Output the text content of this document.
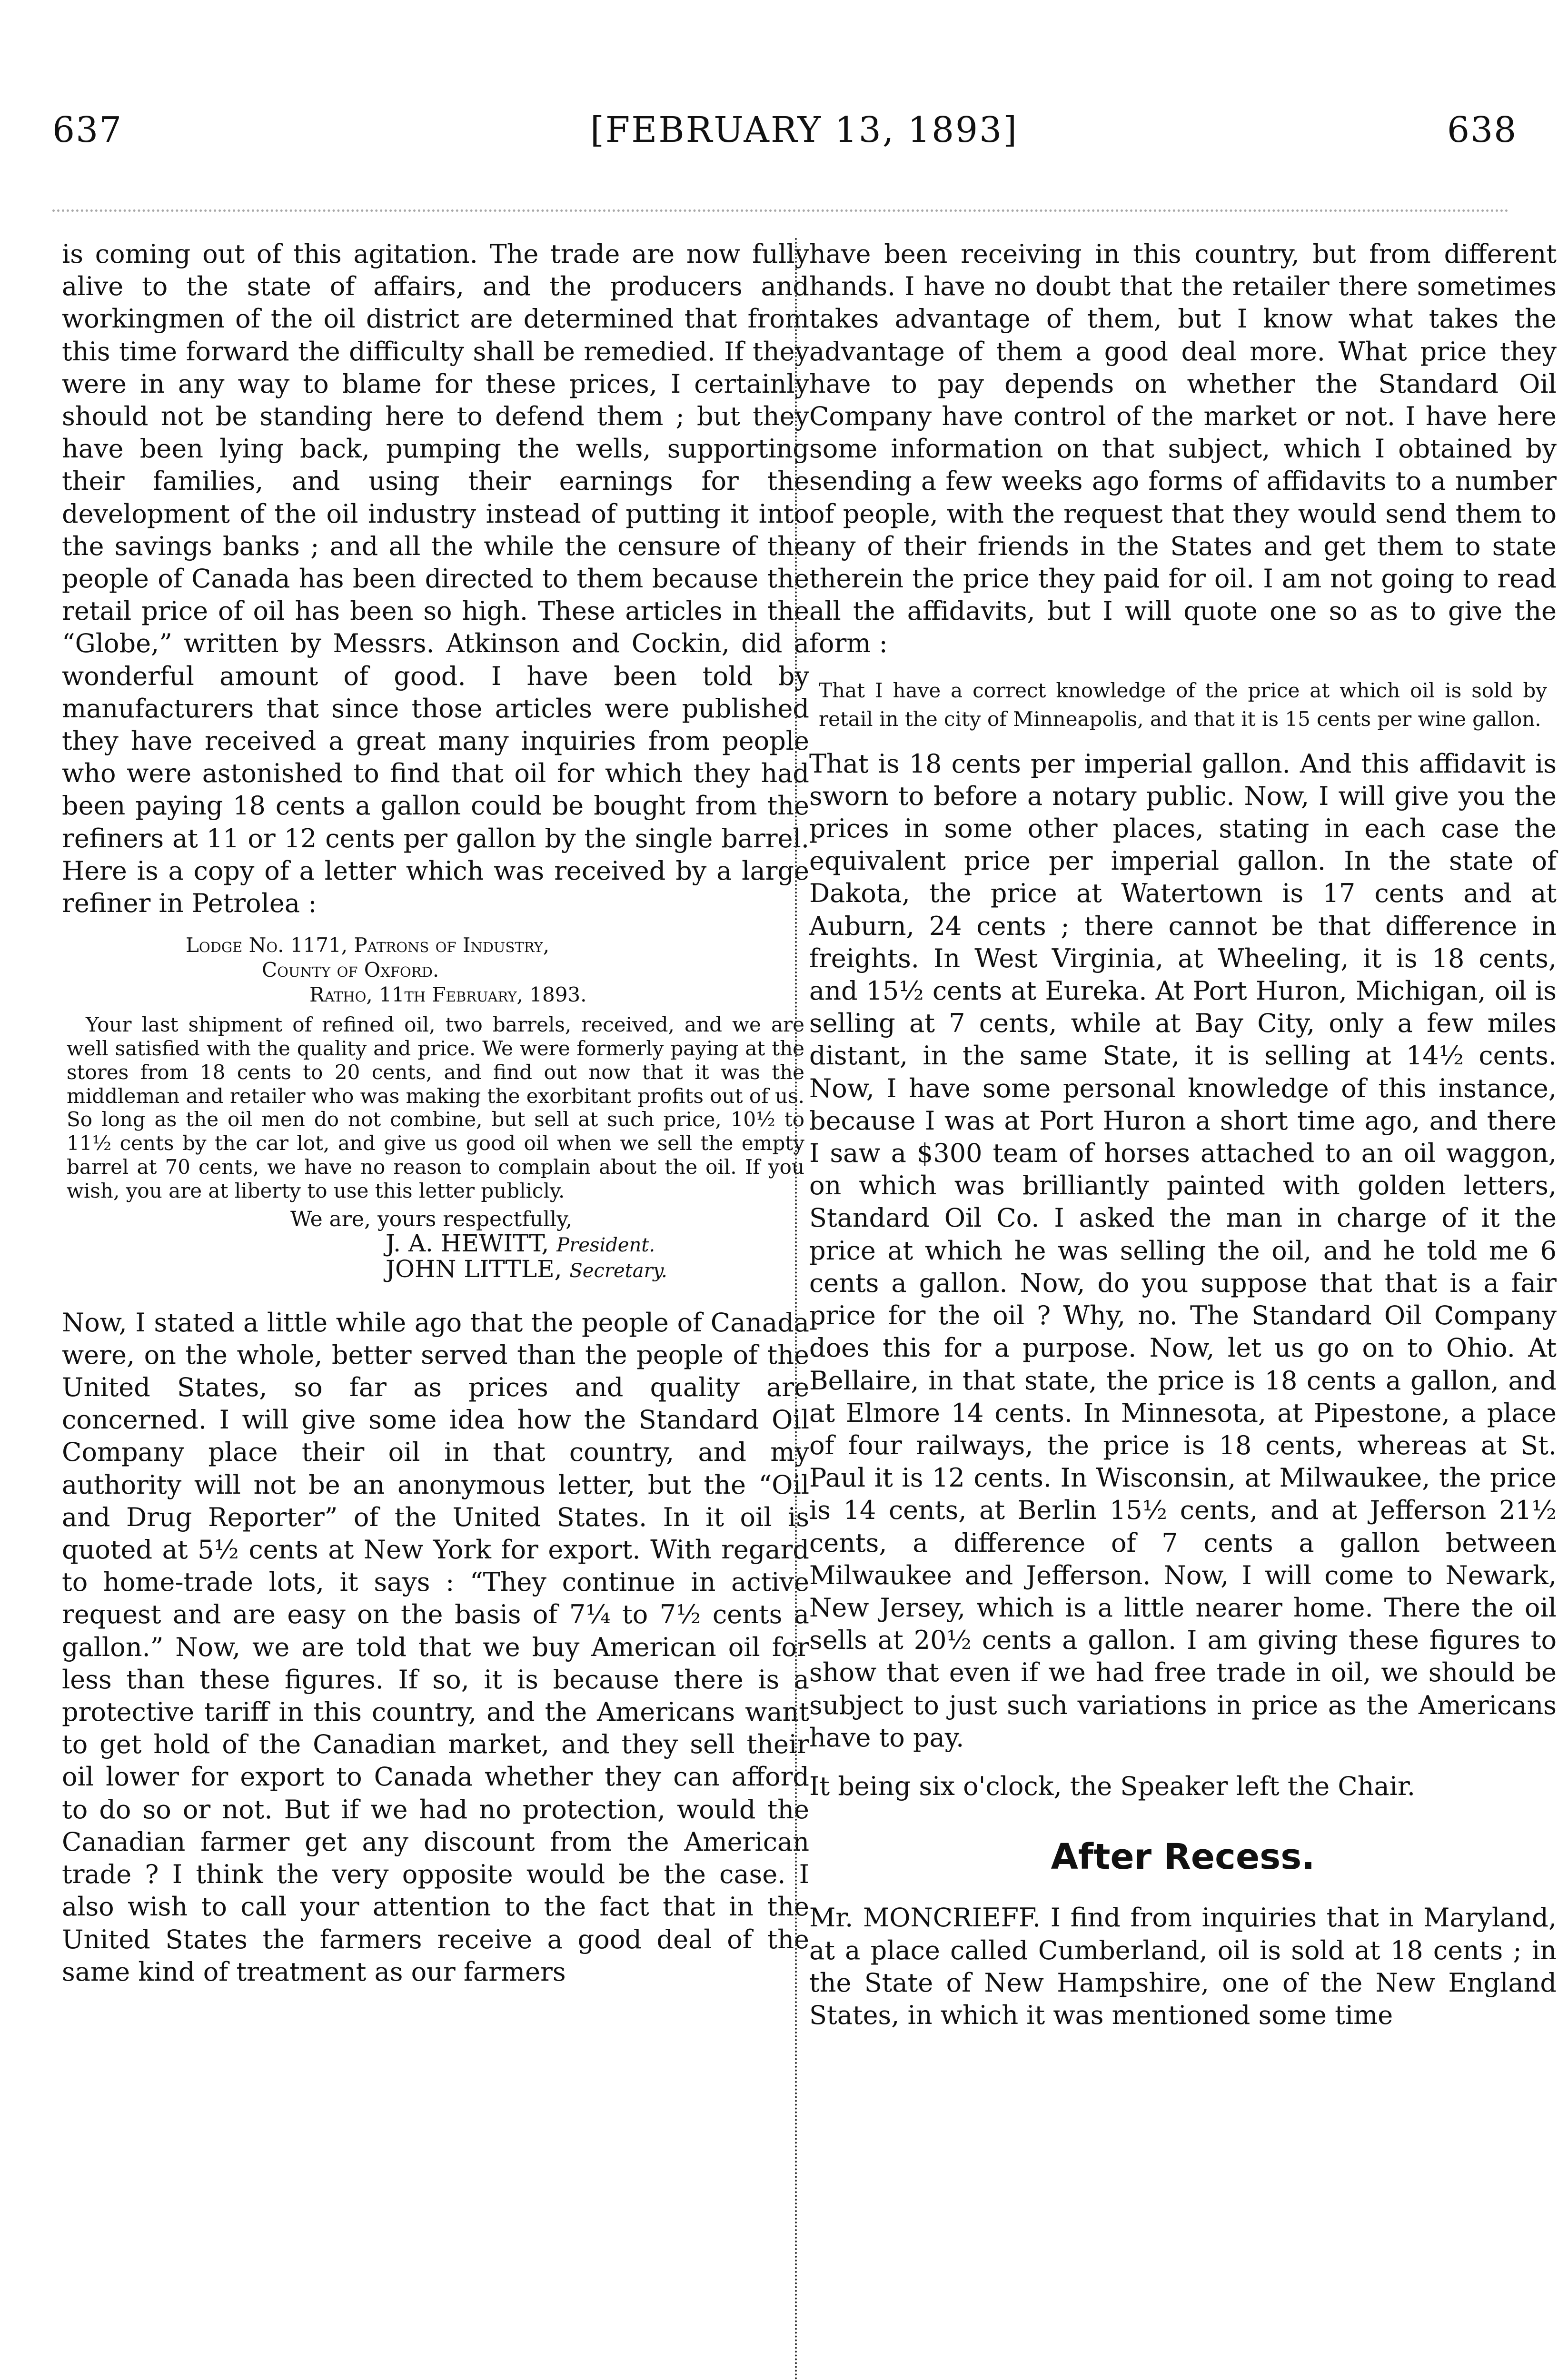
637	[FEBRUARY 13, 1893]	638

is coming out of this agitation. The trade are now fully alive to the state of affairs, and the producers and workingmen of the oil district are determined that from this time forward the difficulty shall be remedied. If they were in any way to blame for these prices, I certainly should not be standing here to defend them ; but they have been lying back, pumping the wells, supporting their families, and using their earnings for the development of the oil industry instead of putting it into the savings banks ; and all the while the censure of the people of Canada has been directed to them because the retail price of oil has been so high. These articles in the “Globe,” written by Messrs. Atkinson and Cockin, did a wonderful amount of good. I have been told by manufacturers that since those articles were published they have received a great many inquiries from people who were astonished to find that oil for which they had been paying 18 cents a gallon could be bought from the refiners at 11 or 12 cents per gallon by the single barrel. Here is a copy of a letter which was received by a large refiner in Petrolea :

Lodge No. 1171, Patrons of Industry,
County of Oxford.
Ratho, 11th February, 1893.

Your last shipment of refined oil, two barrels, received, and we are well satisfied with the quality and price. We were formerly paying at the stores from 18 cents to 20 cents, and find out now that it was the middleman and retailer who was making the exorbitant profits out of us. So long as the oil men do not combine, but sell at such price, 10½ to 11½ cents by the car lot, and give us good oil when we sell the empty barrel at 70 cents, we have no reason to complain about the oil. If you wish, you are at liberty to use this letter publicly.

We are, yours respectfully,
J. A. HEWITT, President.
JOHN LITTLE, Secretary.

Now, I stated a little while ago that the people of Canada were, on the whole, better served than the people of the United States, so far as prices and quality are concerned. I will give some idea how the Standard Oil Company place their oil in that country, and my authority will not be an anonymous letter, but the “Oil and Drug Reporter” of the United States. In it oil is quoted at 5½ cents at New York for export. With regard to home-trade lots, it says : “They continue in active request and are easy on the basis of 7¼ to 7½ cents a gallon.” Now, we are told that we buy American oil for less than these figures. If so, it is because there is a protective tariff in this country, and the Americans want to get hold of the Canadian market, and they sell their oil lower for export to Canada whether they can afford to do so or not. But if we had no protection, would the Canadian farmer get any discount from the American trade ? I think the very opposite would be the case. I also wish to call your attention to the fact that in the United States the farmers receive a good deal of the same kind of treatment as our farmers

have been receiving in this country, but from different hands. I have no doubt that the retailer there sometimes takes advantage of them, but I know what takes the advantage of them a good deal more. What price they have to pay depends on whether the Standard Oil Company have control of the market or not. I have here some information on that subject, which I obtained by sending a few weeks ago forms of affidavits to a number of people, with the request that they would send them to any of their friends in the States and get them to state therein the price they paid for oil. I am not going to read all the affidavits, but I will quote one so as to give the form :

That I have a correct knowledge of the price at which oil is sold by retail in the city of Minneapolis, and that it is 15 cents per wine gallon.

That is 18 cents per imperial gallon. And this affidavit is sworn to before a notary public. Now, I will give you the prices in some other places, stating in each case the equivalent price per imperial gallon. In the state of Dakota, the price at Watertown is 17 cents and at Auburn, 24 cents ; there cannot be that difference in freights. In West Virginia, at Wheeling, it is 18 cents, and 15½ cents at Eureka. At Port Huron, Michigan, oil is selling at 7 cents, while at Bay City, only a few miles distant, in the same State, it is selling at 14½ cents. Now, I have some personal knowledge of this instance, because I was at Port Huron a short time ago, and there I saw a $300 team of horses attached to an oil waggon, on which was brilliantly painted with golden letters, Standard Oil Co. I asked the man in charge of it the price at which he was selling the oil, and he told me 6 cents a gallon. Now, do you suppose that that is a fair price for the oil ? Why, no. The Standard Oil Company does this for a purpose. Now, let us go on to Ohio. At Bellaire, in that state, the price is 18 cents a gallon, and at Elmore 14 cents. In Minnesota, at Pipestone, a place of four railways, the price is 18 cents, whereas at St. Paul it is 12 cents. In Wisconsin, at Milwaukee, the price is 14 cents, at Berlin 15½ cents, and at Jefferson 21½ cents, a difference of 7 cents a gallon between Milwaukee and Jefferson. Now, I will come to Newark, New Jersey, which is a little nearer home. There the oil sells at 20½ cents a gallon. I am giving these figures to show that even if we had free trade in oil, we should be subject to just such variations in price as the Americans have to pay.

It being six o'clock, the Speaker left the Chair.

After Recess.

Mr. MONCRIEFF. I find from inquiries that in Maryland, at a place called Cumberland, oil is sold at 18 cents ; in the State of New Hampshire, one of the New England States, in which it was mentioned some time
